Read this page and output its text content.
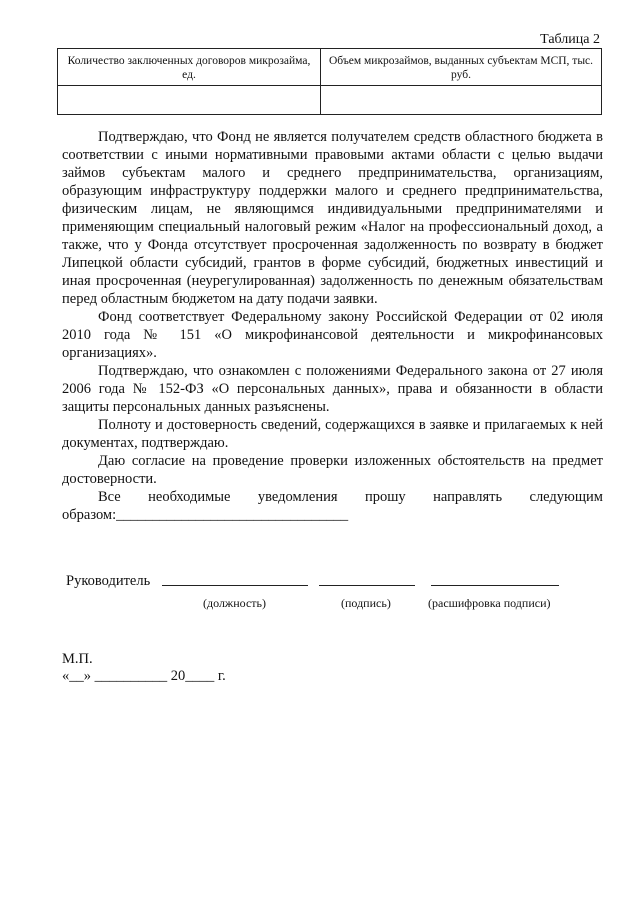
Таблица 2
Количество заключенных договоров микрозайма, ед.	Объем микрозаймов, выданных субъектам МСП, тыс. руб.

Подтверждаю, что Фонд не является получателем средств областного бюджета в соответствии с иными нормативными правовыми актами области с целью выдачи займов субъектам малого и среднего предпринимательства, организациям, образующим инфраструктуру поддержки малого и среднего предпринимательства, физическим лицам, не являющимся индивидуальными предпринимателями и применяющим специальный налоговый режим «Налог на профессиональный доход, а также, что у Фонда отсутствует просроченная задолженность по возврату в бюджет Липецкой области субсидий, грантов в форме субсидий, бюджетных инвестиций и иная просроченная (неурегулированная) задолженность по денежным обязательствам перед областным бюджетом на дату подачи заявки.

Фонд соответствует Федеральному закону Российской Федерации от 02 июля 2010 года № 151 «О микрофинансовой деятельности и микрофинансовых организациях».

Подтверждаю, что ознакомлен с положениями Федерального закона от 27 июля 2006 года № 152-ФЗ «О персональных данных», права и обязанности в области защиты персональных данных разъяснены.

Полноту и достоверность сведений, содержащихся в заявке и прилагаемых к ней документах, подтверждаю.

Даю согласие на проведение проверки изложенных обстоятельств на предмет достоверности.

Все необходимые уведомления прошу направлять следующим образом:________________________________

Руководитель
(должность)	(подпись)	(расшифровка подписи)
М.П.
«__» __________ 20____ г.
